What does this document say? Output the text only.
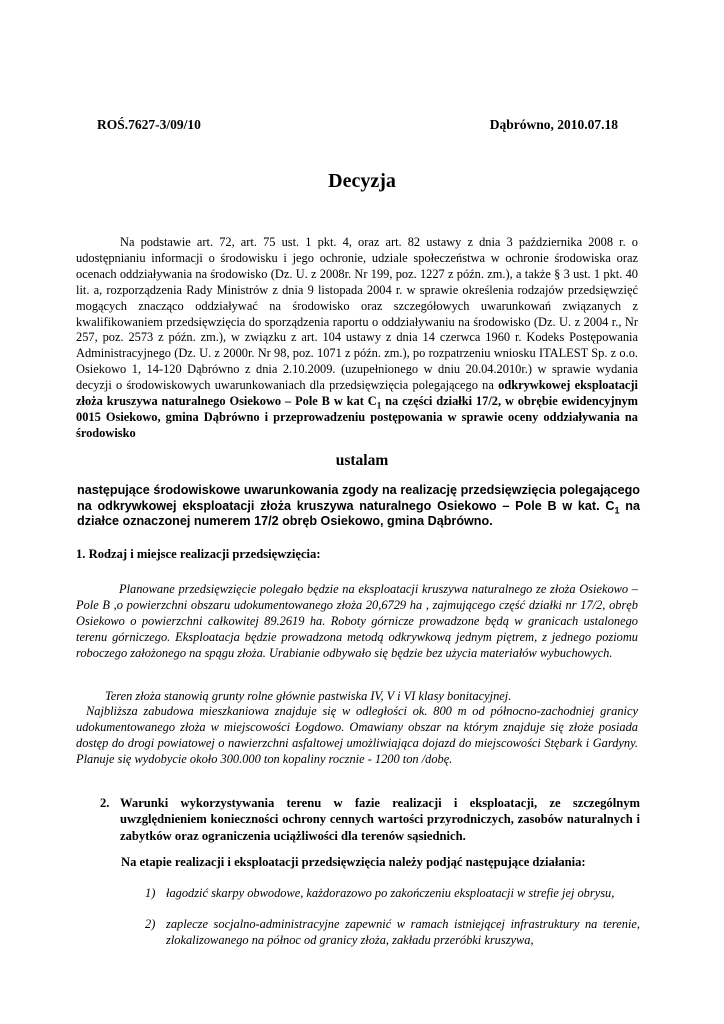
ROŚ.7627-3/09/10	Dąbrówno, 2010.07.18
Decyzja

Na podstawie art. 72, art. 75 ust. 1 pkt. 4, oraz art. 82 ustawy z dnia 3 października 2008 r. o udostępnianiu informacji o środowisku i jego ochronie, udziale społeczeństwa w ochronie środowiska oraz ocenach oddziaływania na środowisko (Dz. U. z 2008r. Nr 199, poz. 1227 z późn. zm.), a także § 3 ust. 1 pkt. 40 lit. a, rozporządzenia Rady Ministrów z dnia 9 listopada 2004 r. w sprawie określenia rodzajów przedsięwzięć mogących znacząco oddziaływać na środowisko oraz szczegółowych uwarunkowań związanych z kwalifikowaniem przedsięwzięcia do sporządzenia raportu o oddziaływaniu na środowisko (Dz. U. z 2004 r., Nr 257, poz. 2573 z późn. zm.), w związku z art. 104 ustawy z dnia 14 czerwca 1960 r. Kodeks Postępowania Administracyjnego (Dz. U. z 2000r. Nr 98, poz. 1071 z późn. zm.), po rozpatrzeniu wniosku ITALEST Sp. z o.o. Osiekowo 1, 14-120 Dąbrówno z dnia 2.10.2009. (uzupełnionego w dniu 20.04.2010r.) w sprawie wydania decyzji o środowiskowych uwarunkowaniach dla przedsięwzięcia polegającego na odkrywkowej eksploatacji złoża kruszywa naturalnego Osiekowo – Pole B w kat $C_1$ na części działki 17/2, w obrębie ewidencyjnym 0015 Osiekowo, gmina Dąbrówno i przeprowadzeniu postępowania w sprawie oceny oddziaływania na środowisko

ustalam

następujące środowiskowe uwarunkowania zgody na realizację przedsięwzięcia polegającego na odkrywkowej eksploatacji złoża kruszywa naturalnego Osiekowo – Pole B w kat. $C_1$ na działce oznaczonej numerem 17/2 obręb Osiekowo, gmina Dąbrówno.

1. Rodzaj i miejsce realizacji przedsięwzięcia:

Planowane przedsięwzięcie polegało będzie na eksploatacji kruszywa naturalnego ze złoża Osiekowo – Pole B ,o powierzchni obszaru udokumentowanego złoża 20,6729 ha , zajmującego część działki nr 17/2, obręb Osiekowo o powierzchni całkowitej 89.2619 ha. Roboty górnicze prowadzone będą w granicach ustalonego terenu górniczego. Eksploatacja będzie prowadzona metodą odkrywkową jednym piętrem, z jednego poziomu roboczego założonego na spągu złoża. Urabianie odbywało się będzie bez użycia materiałów wybuchowych.

Teren złoża stanowią grunty rolne głównie pastwiska IV, V i VI klasy bonitacyjnej.

Najbliższa zabudowa mieszkaniowa znajduje się w odległości ok. 800 m od północno-zachodniej granicy udokumentowanego złoża w miejscowości Łogdowo. Omawiany obszar na którym znajduje się złoże posiada dostęp do drogi powiatowej o nawierzchni asfaltowej umożliwiająca dojazd do miejscowości Stębark i Gardyny. Planuje się wydobycie około 300.000 ton kopaliny rocznie - 1200 ton /dobę.

2. Warunki wykorzystywania terenu w fazie realizacji i eksploatacji, ze szczególnym uwzględnieniem konieczności ochrony cennych wartości przyrodniczych, zasobów naturalnych i zabytków oraz ograniczenia uciążliwości dla terenów sąsiednich.
Na etapie realizacji i eksploatacji przedsięwzięcia należy podjąć następujące działania:
1) łagodzić skarpy obwodowe, każdorazowo po zakończeniu eksploatacji w strefie jej obrysu,
2) zaplecze socjalno-administracyjne zapewnić w ramach istniejącej infrastruktury na terenie, zlokalizowanego na północ od granicy złoża, zakładu przeróbki kruszywa,
